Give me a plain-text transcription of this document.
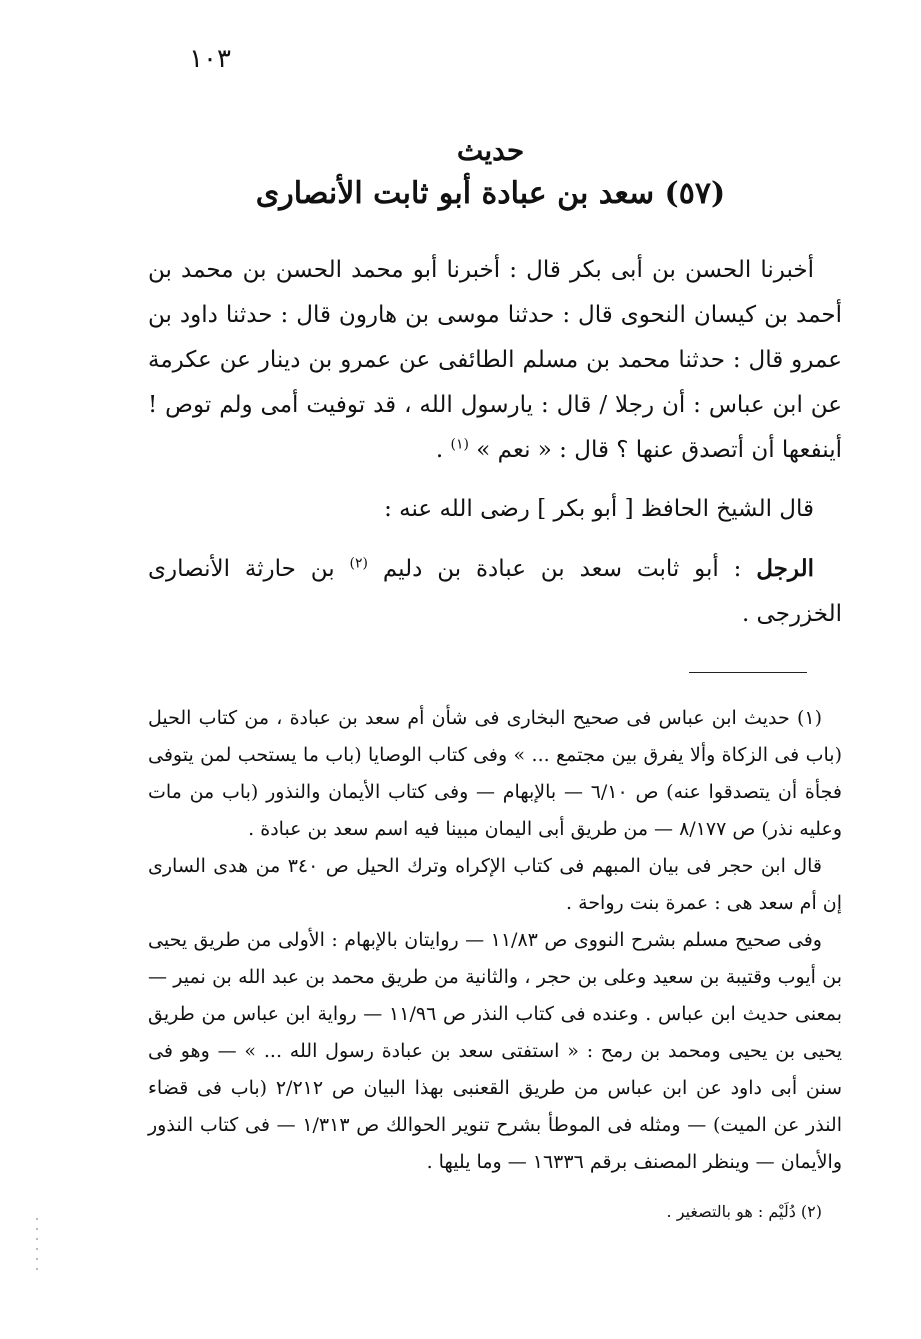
١٠٣
حديث
(٥٧) سعد بن عبادة أبو ثابت الأنصارى

أخبرنا الحسن بن أبى بكر قال : أخبرنا أبو محمد الحسن بن محمد بن أحمد بن كيسان النحوى قال : حدثنا موسى بن هارون قال : حدثنا داود بن عمرو قال : حدثنا محمد بن مسلم الطائفى عن عمرو بن دينار عن عكرمة عن ابن عباس : أن رجلا / قال : يارسول الله ، قد توفيت أمى ولم توص ! أينفعها أن أتصدق عنها ؟ قال : « نعم » $^{(١)}$ .

قال الشيخ الحافظ [ أبو بكر ] رضى الله عنه :

الرجل : أبو ثابت سعد بن عبادة بن دليم $^{(٢)}$ بن حارثة الأنصارى الخزرجى .

(١) حديث ابن عباس فى صحيح البخارى فى شأن أم سعد بن عبادة ، من كتاب الحيل (باب فى الزكاة وألا يفرق بين مجتمع ... » وفى كتاب الوصايا (باب ما يستحب لمن يتوفى فجأة أن يتصدقوا عنه) ص ٦/١٠ — بالإبهام — وفى كتاب الأيمان والنذور (باب من مات وعليه نذر) ص ٨/١٧٧ — من طريق أبى اليمان مبينا فيه اسم سعد بن عبادة .

قال ابن حجر فى بيان المبهم فى كتاب الإكراه وترك الحيل ص ٣٤٠ من هدى السارى إن أم سعد هى : عمرة بنت رواحة .

وفى صحيح مسلم بشرح النووى ص ١١/٨٣ — روايتان بالإبهام : الأولى من طريق يحيى بن أيوب وقتيبة بن سعيد وعلى بن حجر ، والثانية من طريق محمد بن عبد الله بن نمير — بمعنى حديث ابن عباس . وعنده فى كتاب النذر ص ١١/٩٦ — رواية ابن عباس من طريق يحيى بن يحيى ومحمد بن رمح : « استفتى سعد بن عبادة رسول الله ... » — وهو فى سنن أبى داود عن ابن عباس من طريق القعنبى بهذا البيان ص ٢/٢١٢ (باب فى قضاء النذر عن الميت) — ومثله فى الموطأ بشرح تنوير الحوالك ص ١/٣١٣ — فى كتاب النذور والأيمان — وينظر المصنف برقم ١٦٣٣٦ — وما يليها .

(٢) دُلَيْم : هو بالتصغير .
